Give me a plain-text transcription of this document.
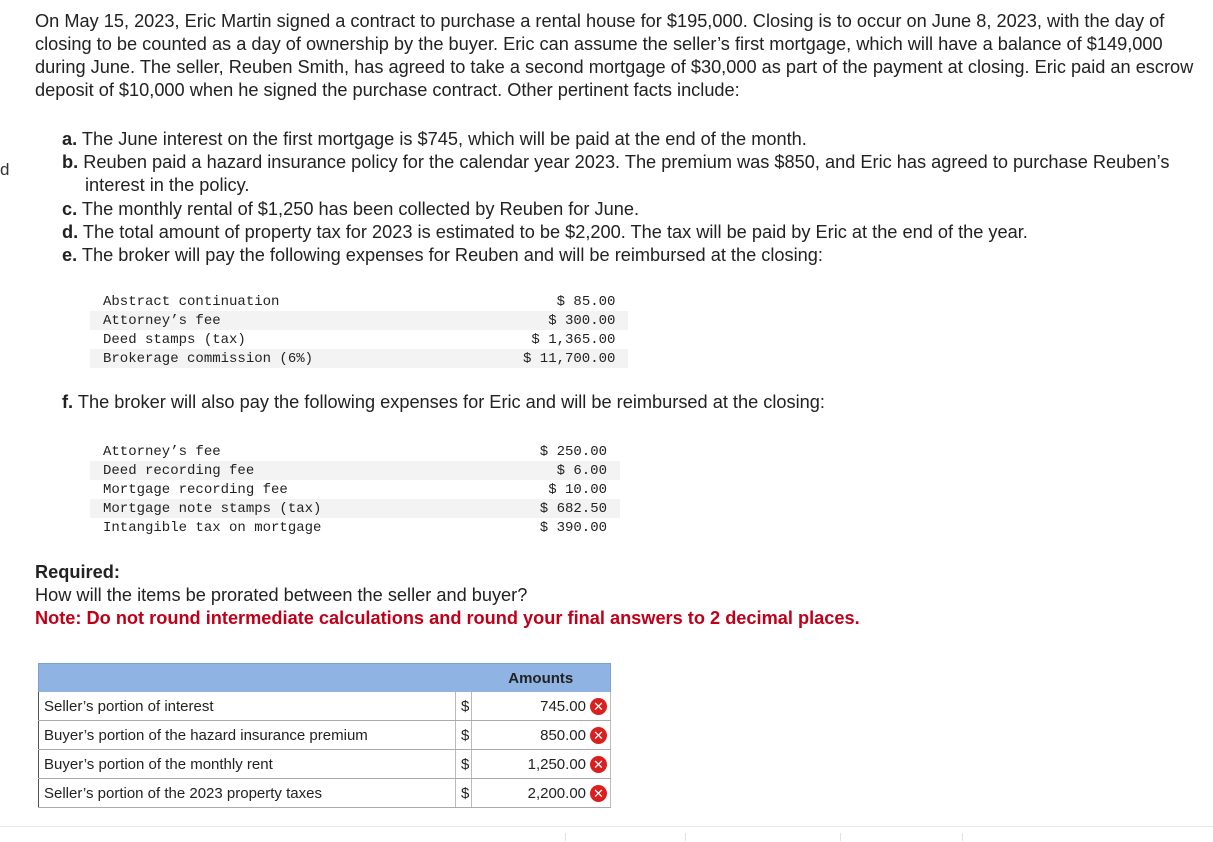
d

On May 15, 2023, Eric Martin signed a contract to purchase a rental house for $195,000. Closing is to occur on June 8, 2023, with the day of closing to be counted as a day of ownership by the buyer. Eric can assume the seller’s first mortgage, which will have a balance of $149,000 during June. The seller, Reuben Smith, has agreed to take a second mortgage of $30,000 as part of the payment at closing. Eric paid an escrow deposit of $10,000 when he signed the purchase contract. Other pertinent facts include:

a. The June interest on the first mortgage is $745, which will be paid at the end of the month.
b. Reuben paid a hazard insurance policy for the calendar year 2023. The premium was $850, and Eric has agreed to purchase Reuben’s interest in the policy.
c. The monthly rental of $1,250 has been collected by Reuben for June.
d. The total amount of property tax for 2023 is estimated to be $2,200. The tax will be paid by Eric at the end of the year.
e. The broker will pay the following expenses for Reuben and will be reimbursed at the closing:
Abstract continuation	$ 85.00
Attorney’s fee	$ 300.00
Deed stamps (tax)	$ 1,365.00
Brokerage commission (6%)	$ 11,700.00

f. The broker will also pay the following expenses for Eric and will be reimbursed at the closing:

Attorney’s fee	$ 250.00
Deed recording fee	$ 6.00
Mortgage recording fee	$ 10.00
Mortgage note stamps (tax)	$ 682.50
Intangible tax on mortgage	$ 390.00
Required:
How will the items be prorated between the seller and buyer?
Note: Do not round intermediate calculations and round your final answers to 2 decimal places.
		Amounts
Seller’s portion of interest	$	745.00 ✕
Buyer’s portion of the hazard insurance premium	$	850.00 ✕
Buyer’s portion of the monthly rent	$	1,250.00 ✕
Seller’s portion of the 2023 property taxes	$	2,200.00 ✕
